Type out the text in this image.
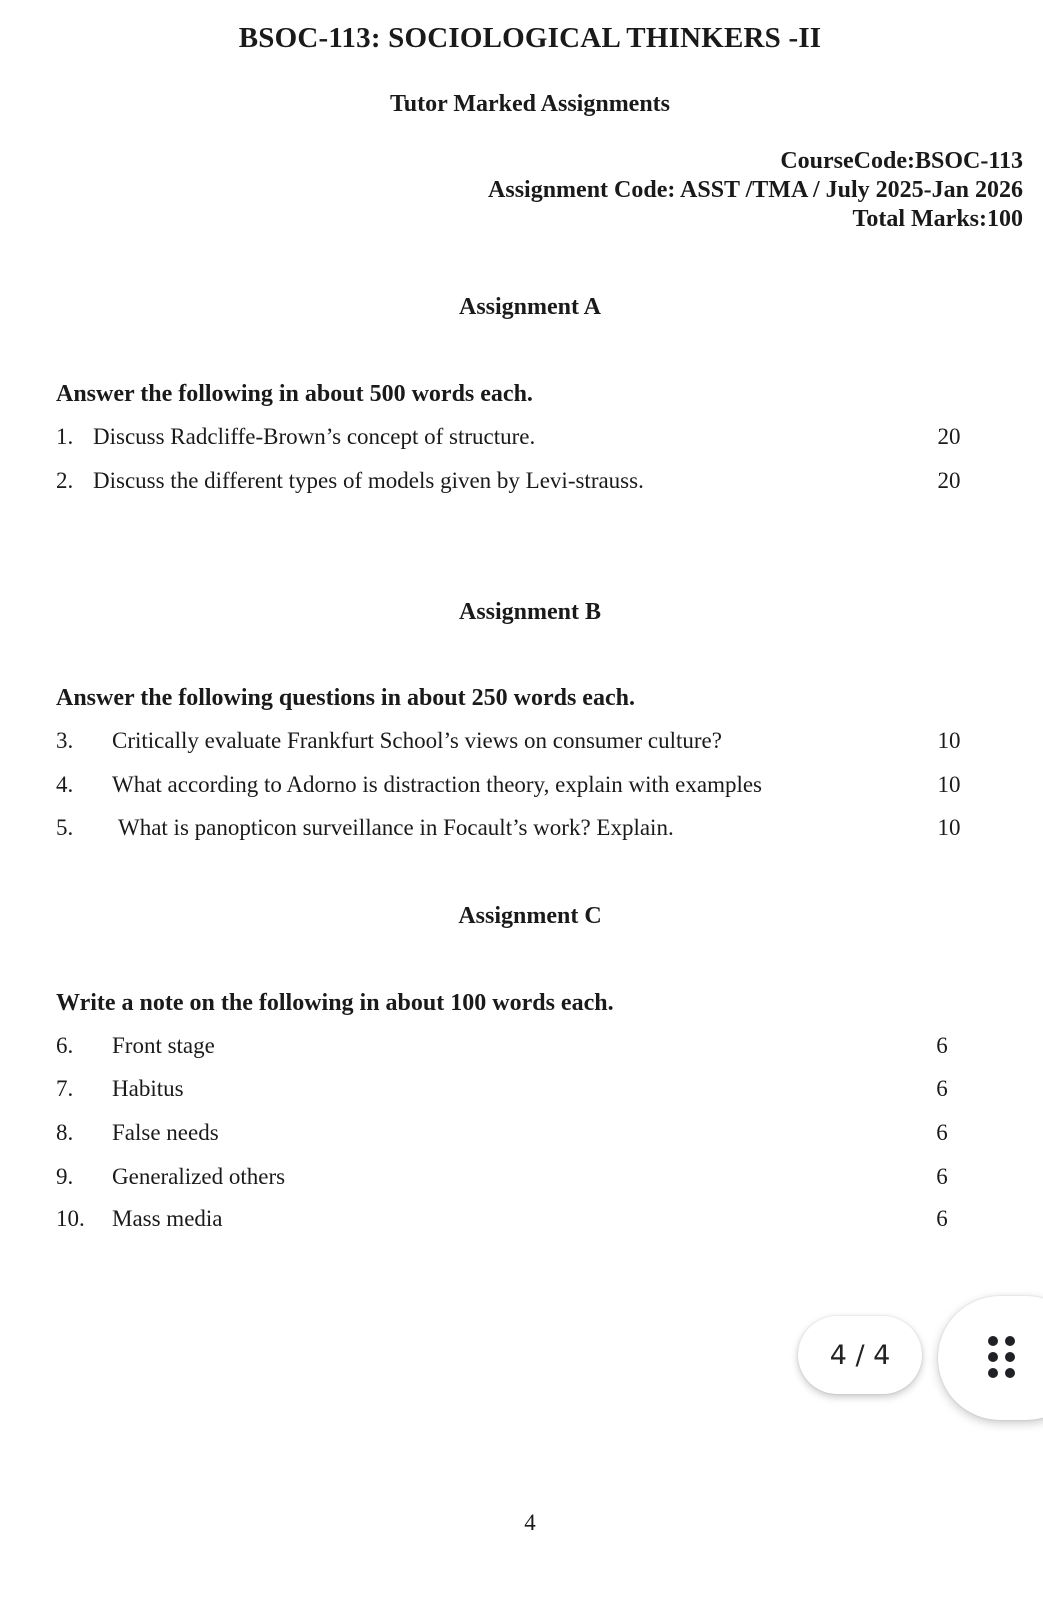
BSOC-113: SOCIOLOGICAL THINKERS -II
Tutor Marked Assignments
CourseCode:BSOC-113
Assignment Code: ASST /TMA / July 2025-Jan 2026
Total Marks:100
Assignment A
Answer the following in about 500 words each.
1. Discuss Radcliffe-Brown’s concept of structure.	20
2. Discuss the different types of models given by Levi-strauss.	20
Assignment B
Answer the following questions in about 250 words each.
3. Critically evaluate Frankfurt School’s views on consumer culture?	10
4. What according to Adorno is distraction theory, explain with examples	10
5. What is panopticon surveillance in Focault’s work? Explain.	10
Assignment C
Write a note on the following in about 100 words each.
6. Front stage	6
7. Habitus	6
8. False needs	6
9. Generalized others	6
10. Mass media	6
4 / 4
4
